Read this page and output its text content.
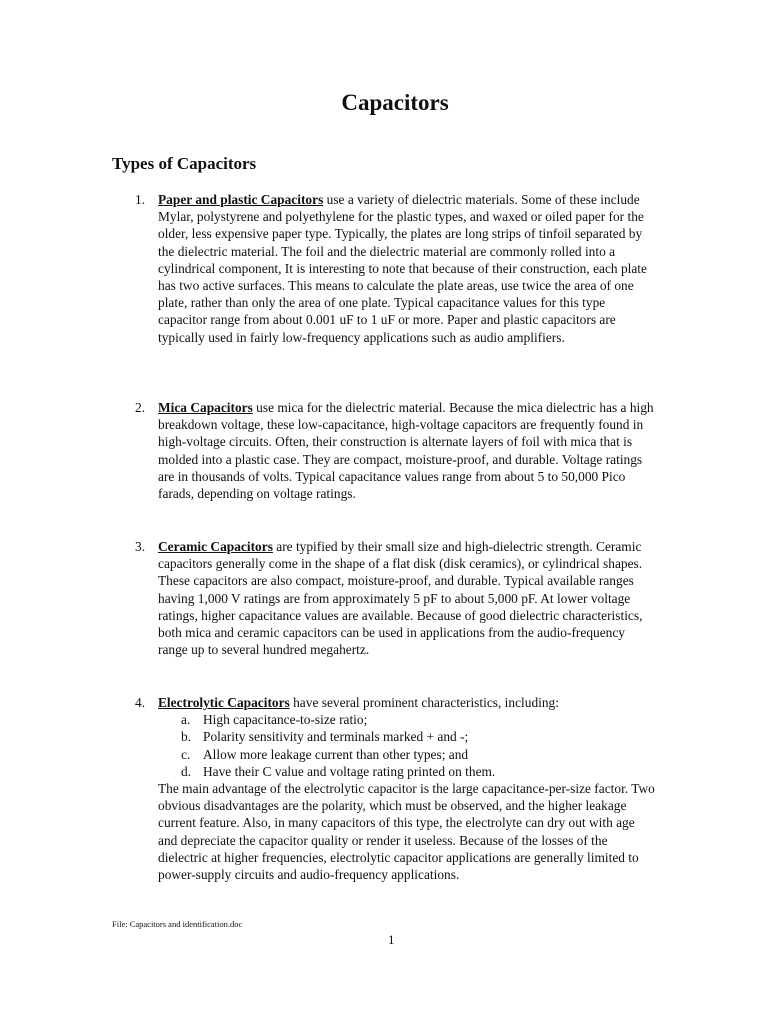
Capacitors
Types of Capacitors
1. Paper and plastic Capacitors use a variety of dielectric materials. Some of these include Mylar, polystyrene and polyethylene for the plastic types, and waxed or oiled paper for the older, less expensive paper type. Typically, the plates are long strips of tinfoil separated by the dielectric material. The foil and the dielectric material are commonly rolled into a cylindrical component, It is interesting to note that because of their construction, each plate has two active surfaces. This means to calculate the plate areas, use twice the area of one plate, rather than only the area of one plate. Typical capacitance values for this type capacitor range from about 0.001 uF to 1 uF or more. Paper and plastic capacitors are typically used in fairly low-frequency applications such as audio amplifiers.
2. Mica Capacitors use mica for the dielectric material. Because the mica dielectric has a high breakdown voltage, these low-capacitance, high-voltage capacitors are frequently found in high-voltage circuits. Often, their construction is alternate layers of foil with mica that is molded into a plastic case. They are compact, moisture-proof, and durable. Voltage ratings are in thousands of volts. Typical capacitance values range from about 5 to 50,000 Pico farads, depending on voltage ratings.
3. Ceramic Capacitors are typified by their small size and high-dielectric strength. Ceramic capacitors generally come in the shape of a flat disk (disk ceramics), or cylindrical shapes. These capacitors are also compact, moisture-proof, and durable. Typical available ranges having 1,000 V ratings are from approximately 5 pF to about 5,000 pF. At lower voltage ratings, higher capacitance values are available. Because of good dielectric characteristics, both mica and ceramic capacitors can be used in applications from the audio-frequency range up to several hundred megahertz.
4. Electrolytic Capacitors have several prominent characteristics, including:
a. High capacitance-to-size ratio;
b. Polarity sensitivity and terminals marked + and -;
c. Allow more leakage current than other types; and
d. Have their C value and voltage rating printed on them.
The main advantage of the electrolytic capacitor is the large capacitance-per-size factor. Two obvious disadvantages are the polarity, which must be observed, and the higher leakage current feature. Also, in many capacitors of this type, the electrolyte can dry out with age and depreciate the capacitor quality or render it useless. Because of the losses of the dielectric at higher frequencies, electrolytic capacitor applications are generally limited to power-supply circuits and audio-frequency applications.
File: Capacitors and identification.doc
1
